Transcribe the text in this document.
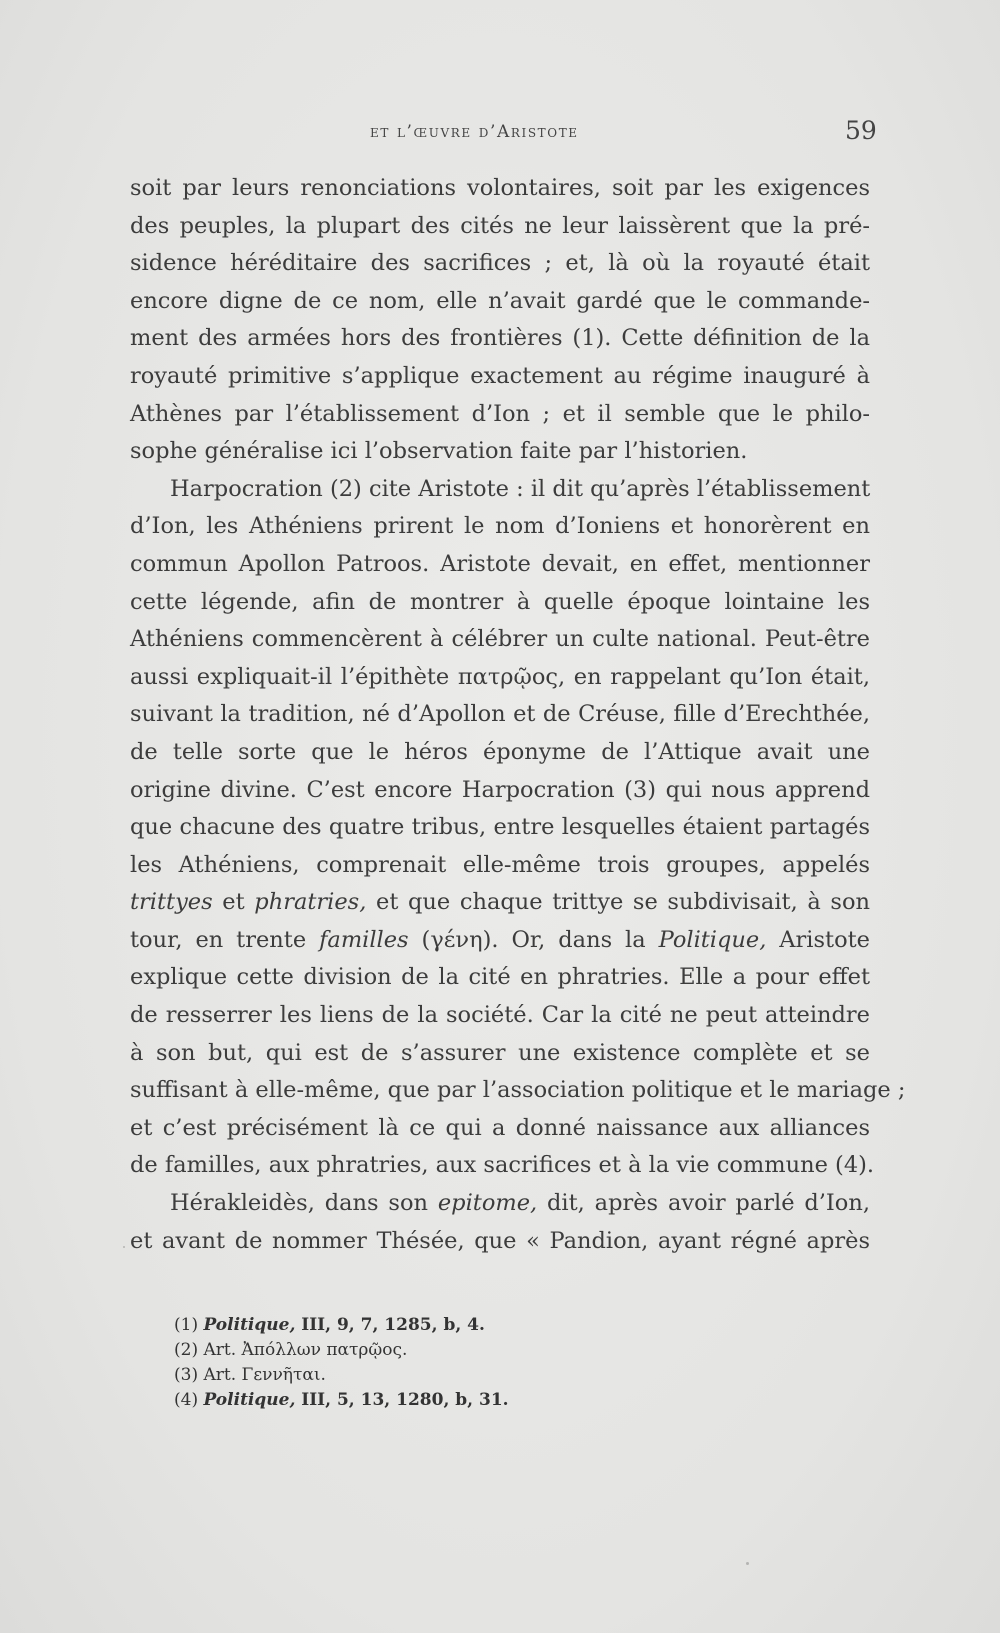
et l’œuvre d’Aristote	59
soit par leurs renonciations volontaires, soit par les exigences
des peuples, la plupart des cités ne leur laissèrent que la pré-
sidence héréditaire des sacrifices ; et, là où la royauté était
encore digne de ce nom, elle n’avait gardé que le commande-
ment des armées hors des frontières (1). Cette définition de la
royauté primitive s’applique exactement au régime inauguré à
Athènes par l’établissement d’Ion ; et il semble que le philo-
sophe généralise ici l’observation faite par l’historien.
Harpocration (2) cite Aristote : il dit qu’après l’établissement
d’Ion, les Athéniens prirent le nom d’Ioniens et honorèrent en
commun Apollon Patroos. Aristote devait, en effet, mentionner
cette légende, afin de montrer à quelle époque lointaine les
Athéniens commencèrent à célébrer un culte national. Peut-être
aussi expliquait-il l’épithète πατρῷος, en rappelant qu’Ion était,
suivant la tradition, né d’Apollon et de Créuse, fille d’Erechthée,
de telle sorte que le héros éponyme de l’Attique avait une
origine divine. C’est encore Harpocration (3) qui nous apprend
que chacune des quatre tribus, entre lesquelles étaient partagés
les Athéniens, comprenait elle-même trois groupes, appelés
trittyes et phratries, et que chaque trittye se subdivisait, à son
tour, en trente familles (γένη). Or, dans la Politique, Aristote
explique cette division de la cité en phratries. Elle a pour effet
de resserrer les liens de la société. Car la cité ne peut atteindre
à son but, qui est de s’assurer une existence complète et se
suffisant à elle-même, que par l’association politique et le mariage ;
et c’est précisément là ce qui a donné naissance aux alliances
de familles, aux phratries, aux sacrifices et à la vie commune (4).
Hérakleidès, dans son epitome, dit, après avoir parlé d’Ion,
et avant de nommer Thésée, que « Pandion, ayant régné après
(1) Politique, III, 9, 7, 1285, b, 4.
(2) Art. Ἀπόλλων πατρῷος.
(3) Art. Γεννῆται.
(4) Politique, III, 5, 13, 1280, b, 31.
